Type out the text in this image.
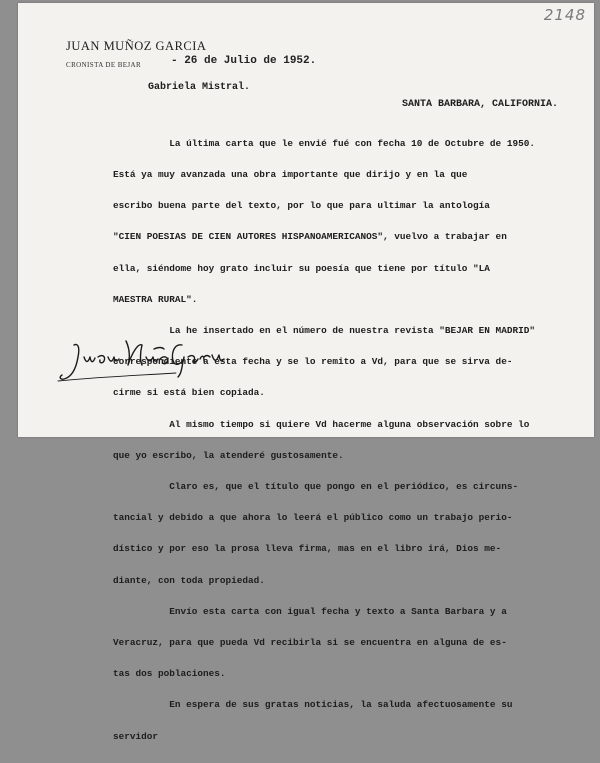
2148
JUAN MUÑOZ GARCIA
CRONISTA DE BEJAR	- 26 de Julio de 1952.
Gabriela Mistral.
SANTA BARBARA, CALIFORNIA.

La última carta que le envié fué con fecha 10 de Octubre de 1950.

Está ya muy avanzada una obra importante que dirijo y en la que

escribo buena parte del texto, por lo que para ultimar la antología

"CIEN POESIAS DE CIEN AUTORES HISPANOAMERICANOS", vuelvo a trabajar en

ella, siéndome hoy grato incluir su poesía que tiene por título "LA

MAESTRA RURAL".

La he insertado en el número de nuestra revista "BEJAR EN MADRID"

correspondiente a esta fecha y se lo remito a Vd, para que se sirva de-

cirme si está bien copiada.

Al mismo tiempo si quiere Vd hacerme alguna observación sobre lo

que yo escribo, la atenderé gustosamente.

Claro es, que el título que pongo en el periódico, es circuns-

tancial y debido a que ahora lo leerá el público como un trabajo perio-

dístico y por eso la prosa lleva firma, mas en el libro irá, Dios me-

diante, con toda propiedad.

Envío esta carta con igual fecha y texto a Santa Barbara y a

Veracruz, para que pueda Vd recibirla si se encuentra en alguna de es-

tas dos poblaciones.

En espera de sus gratas noticias, la saluda afectuosamente su

servidor
